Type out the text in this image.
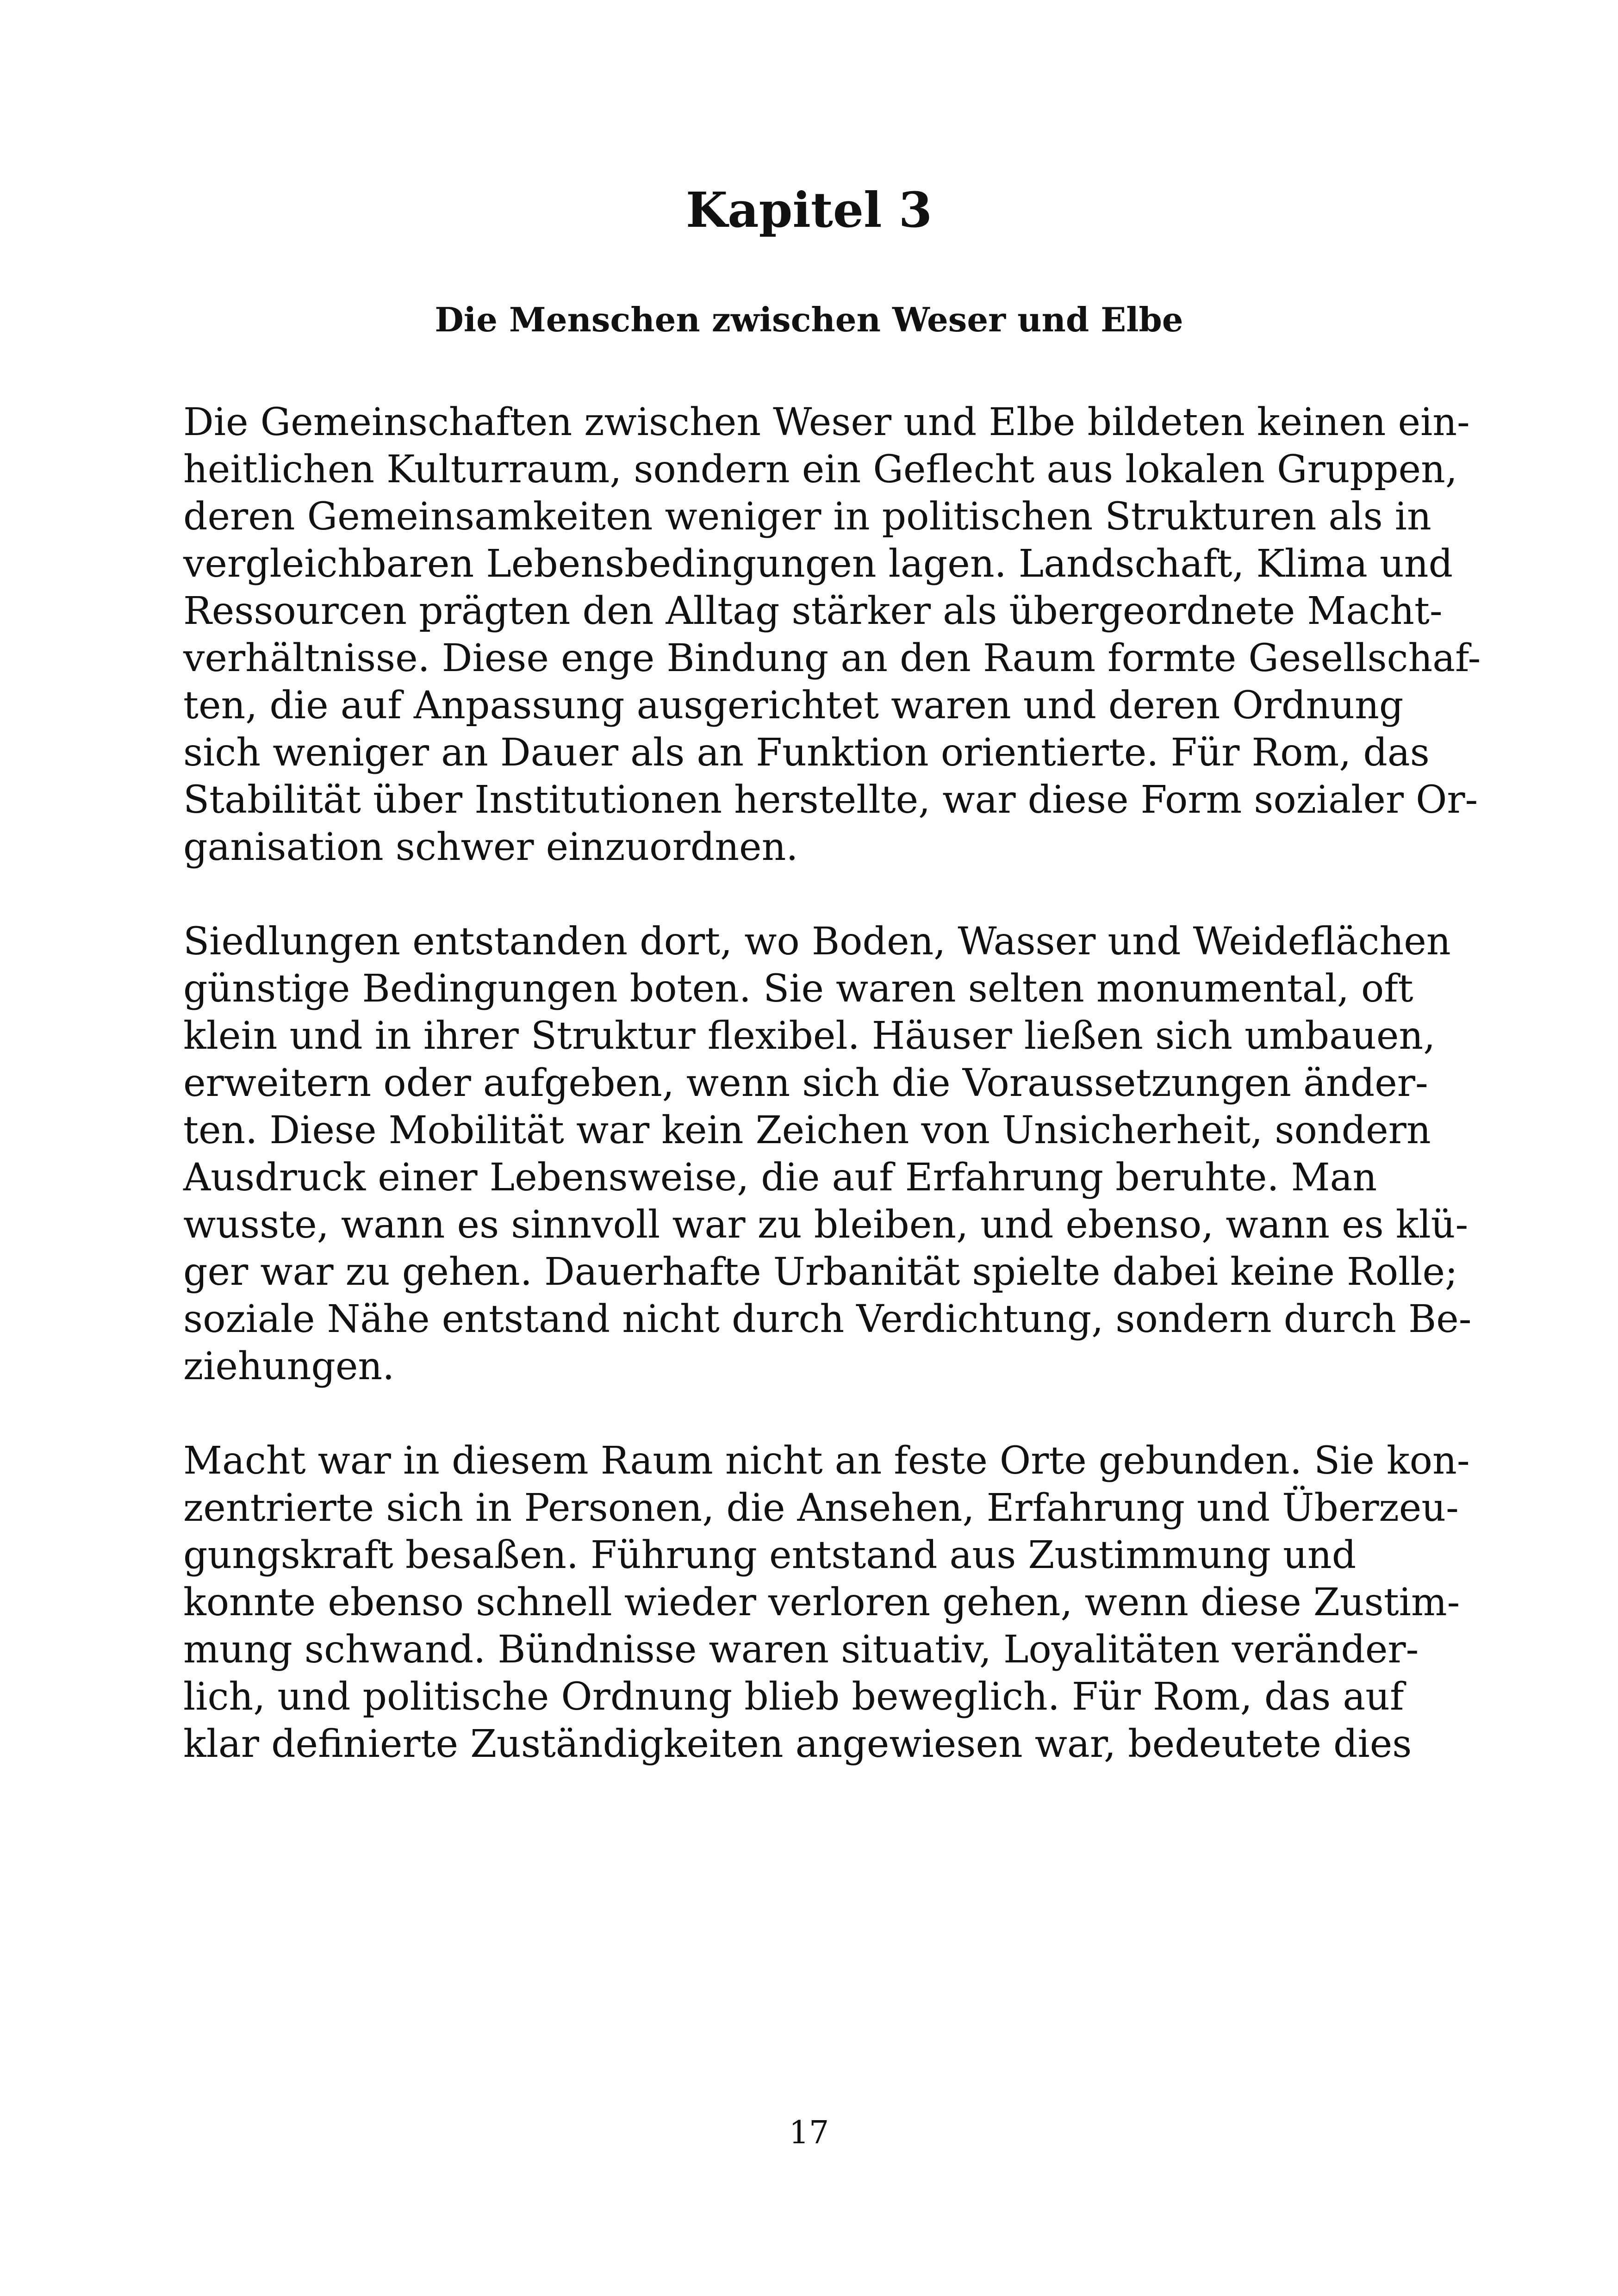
Kapitel 3
Die Menschen zwischen Weser und Elbe

Die Gemeinschaften zwischen Weser und Elbe bildeten keinen ein-
heitlichen Kulturraum, sondern ein Geflecht aus lokalen Gruppen,
deren Gemeinsamkeiten weniger in politischen Strukturen als in
vergleichbaren Lebensbedingungen lagen. Landschaft, Klima und
Ressourcen prägten den Alltag stärker als übergeordnete Macht-
verhältnisse. Diese enge Bindung an den Raum formte Gesellschaf-
ten, die auf Anpassung ausgerichtet waren und deren Ordnung
sich weniger an Dauer als an Funktion orientierte. Für Rom, das
Stabilität über Institutionen herstellte, war diese Form sozialer Or-
ganisation schwer einzuordnen.

Siedlungen entstanden dort, wo Boden, Wasser und Weideflächen
günstige Bedingungen boten. Sie waren selten monumental, oft
klein und in ihrer Struktur flexibel. Häuser ließen sich umbauen,
erweitern oder aufgeben, wenn sich die Voraussetzungen änder-
ten. Diese Mobilität war kein Zeichen von Unsicherheit, sondern
Ausdruck einer Lebensweise, die auf Erfahrung beruhte. Man
wusste, wann es sinnvoll war zu bleiben, und ebenso, wann es klü-
ger war zu gehen. Dauerhafte Urbanität spielte dabei keine Rolle;
soziale Nähe entstand nicht durch Verdichtung, sondern durch Be-
ziehungen.

Macht war in diesem Raum nicht an feste Orte gebunden. Sie kon-
zentrierte sich in Personen, die Ansehen, Erfahrung und Überzeu-
gungskraft besaßen. Führung entstand aus Zustimmung und
konnte ebenso schnell wieder verloren gehen, wenn diese Zustim-
mung schwand. Bündnisse waren situativ, Loyalitäten veränder-
lich, und politische Ordnung blieb beweglich. Für Rom, das auf
klar definierte Zuständigkeiten angewiesen war, bedeutete dies

17
